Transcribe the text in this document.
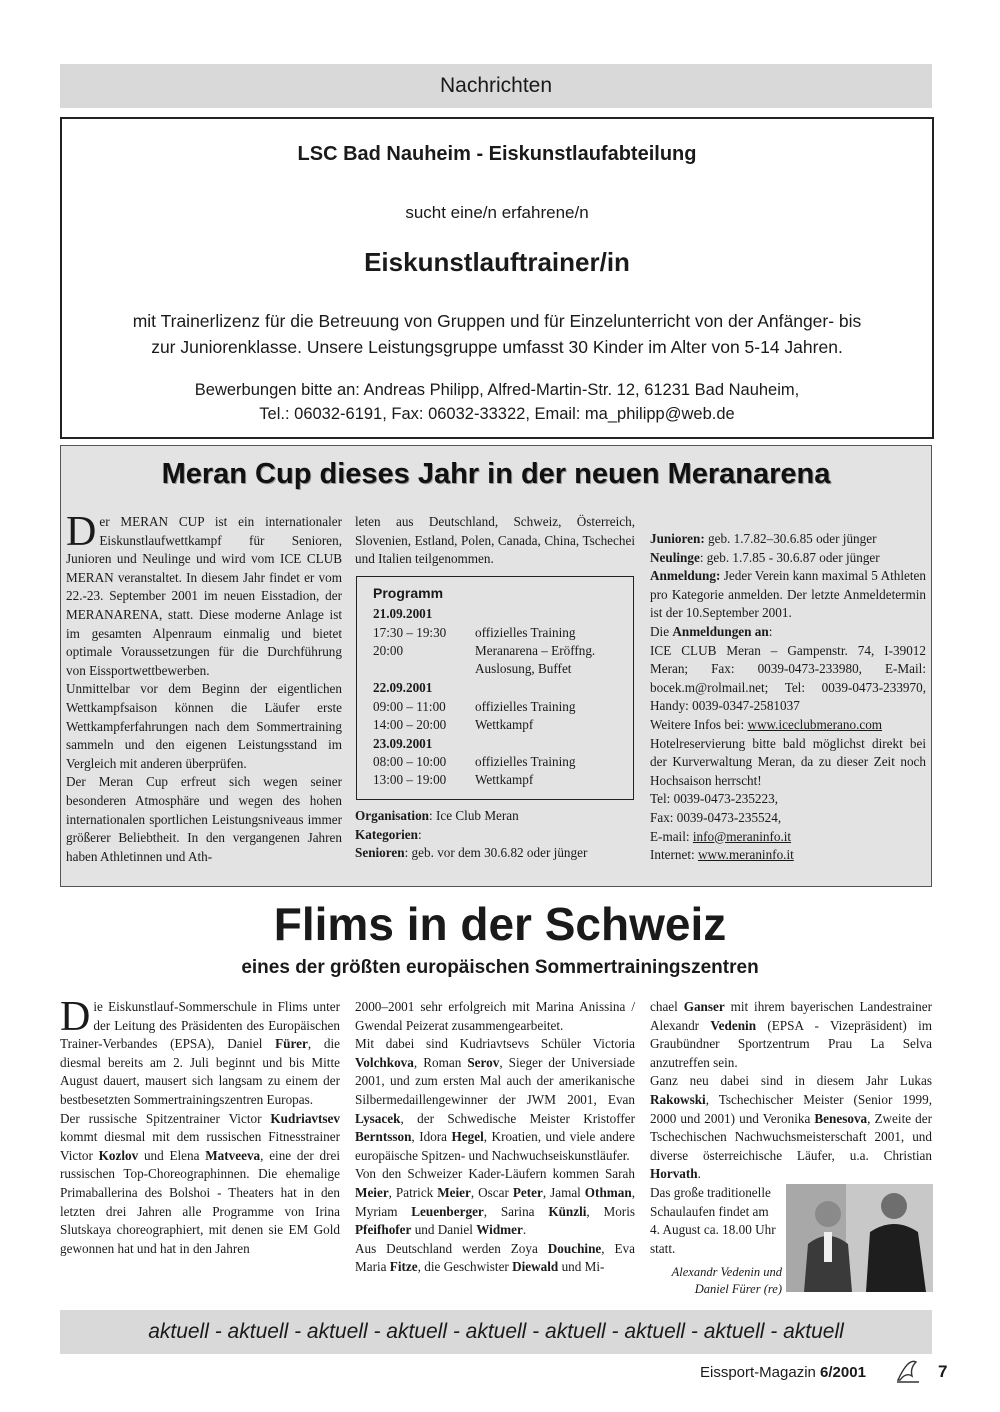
Nachrichten
LSC Bad Nauheim - Eiskunstlaufabteilung
sucht eine/n erfahrene/n
Eiskunstlauftrainer/in
mit Trainerlizenz für die Betreuung von Gruppen und für Einzelunterricht von der Anfänger- bis
zur Juniorenklasse. Unsere Leistungsgruppe umfasst 30 Kinder im Alter von 5-14 Jahren.
Bewerbungen bitte an: Andreas Philipp, Alfred-Martin-Str. 12, 61231 Bad Nauheim,
Tel.: 06032-6191, Fax: 06032-33322, Email: ma_philipp@web.de
Meran Cup dieses Jahr in der neuen Meranarena
D er MERAN CUP ist ein internationaler Eiskunstlaufwettkampf für Senioren, Junioren und Neulinge und wird vom ICE CLUB MERAN veranstaltet. In diesem Jahr findet er vom 22.-23. September 2001 im neuen Eisstadion, der MERANARENA, statt. Diese moderne Anlage ist im gesamten Alpenraum einmalig und bietet optimale Voraussetzungen für die Durchführung von Eissportwettbewerben.

Unmittelbar vor dem Beginn der eigentlichen Wettkampfsaison können die Läufer erste Wettkampferfahrungen nach dem Sommertraining sammeln und den eigenen Leistungsstand im Vergleich mit anderen überprüfen.

Der Meran Cup erfreut sich wegen seiner besonderen Atmosphäre und wegen des hohen internationalen sportlichen Leistungsniveaus immer größerer Beliebtheit. In den vergangenen Jahren haben Athletinnen und Ath-

leten aus Deutschland, Schweiz, Österreich, Slovenien, Estland, Polen, Canada, China, Tschechei und Italien teilgenommen.
Programm
21.09.2001
17:30 – 19:30 offizielles Training
20:00	Meranarena – Eröffng.
Auslosung, Buffet
22.09.2001
09:00 – 11:00 offizielles Training
14:00 – 20:00 Wettkampf
23.09.2001
08:00 – 10:00 offizielles Training
13:00 – 19:00 Wettkampf
Organisation: Ice Club Meran
Kategorien:
Senioren: geb. vor dem 30.6.82 oder jünger
Junioren: geb. 1.7.82–30.6.85 oder jünger
Neulinge: geb. 1.7.85 - 30.6.87 oder jünger
Anmeldung: Jeder Verein kann maximal 5 Athleten pro Kategorie anmelden. Der letzte Anmeldetermin ist der 10.September 2001.
Die Anmeldungen an:
ICE CLUB Meran – Gampenstr. 74, I-39012 Meran; Fax: 0039-0473-233980, E-Mail: bocek.m@rolmail.net; Tel: 0039-0473-233970, Handy: 0039-0347-2581037
Weitere Infos bei: www.iceclubmerano.com
Hotelreservierung bitte bald möglichst direkt bei der Kurverwaltung Meran, da zu dieser Zeit noch Hochsaison herrscht!
Tel: 0039-0473-235223,
Fax: 0039-0473-235524,
E-mail: info@meraninfo.it
Internet: www.meraninfo.it
Flims in der Schweiz
eines der größten europäischen Sommertrainingszentren
D ie Eiskunstlauf-Sommerschule in Flims unter der Leitung des Präsidenten des Europäischen Trainer-Verbandes (EPSA), Daniel Fürer, die diesmal bereits am 2. Juli beginnt und bis Mitte August dauert, mausert sich langsam zu einem der bestbesetzten Sommertrainingszentren Europas.
Der russische Spitzentrainer Victor Kudriavtsev kommt diesmal mit dem russischen Fitnesstrainer Victor Kozlov und Elena Matveeva, eine der drei russischen Top-Choreographinnen. Die ehemalige Primaballerina des Bolshoi - Theaters hat in den letzten drei Jahren alle Programme von Irina Slutskaya choreographiert, mit denen sie EM Gold gewonnen hat und hat in den Jahren
2000–2001 sehr erfolgreich mit Marina Anissina / Gwendal Peizerat zusammengearbeitet.
Mit dabei sind Kudriavtsevs Schüler Victoria Volchkova, Roman Serov, Sieger der Universiade 2001, und zum ersten Mal auch der amerikanische Silbermedaillengewinner der JWM 2001, Evan Lysacek, der Schwedische Meister Kristoffer Berntsson, Idora Hegel, Kroatien, und viele andere europäische Spitzen- und Nachwuchseiskunstläufer.
Von den Schweizer Kader-Läufern kommen Sarah Meier, Patrick Meier, Oscar Peter, Jamal Othman, Myriam Leuenberger, Sarina Künzli, Moris Pfeifhofer und Daniel Widmer.
Aus Deutschland werden Zoya Douchine, Eva Maria Fitze, die Geschwister Diewald und Mi-
chael Ganser mit ihrem bayerischen Landestrainer Alexandr Vedenin (EPSA - Vizepräsident) im Graubündner Sportzentrum Prau La Selva anzutreffen sein.
Ganz neu dabei sind in diesem Jahr Lukas Rakowski, Tschechischer Meister (Senior 1999, 2000 und 2001) und Veronika Benesova, Zweite der Tschechischen Nachwuchsmeisterschaft 2001, und diverse österreichische Läufer, u.a. Christian Horvath.
Das große traditionelle Schaulaufen findet am 4. August ca. 18.00 Uhr statt.
Alexandr Vedenin und
Daniel Fürer (re)
aktuell - aktuell - aktuell - aktuell - aktuell - aktuell - aktuell - aktuell - aktuell
Eissport-Magazin 6/2001	7
